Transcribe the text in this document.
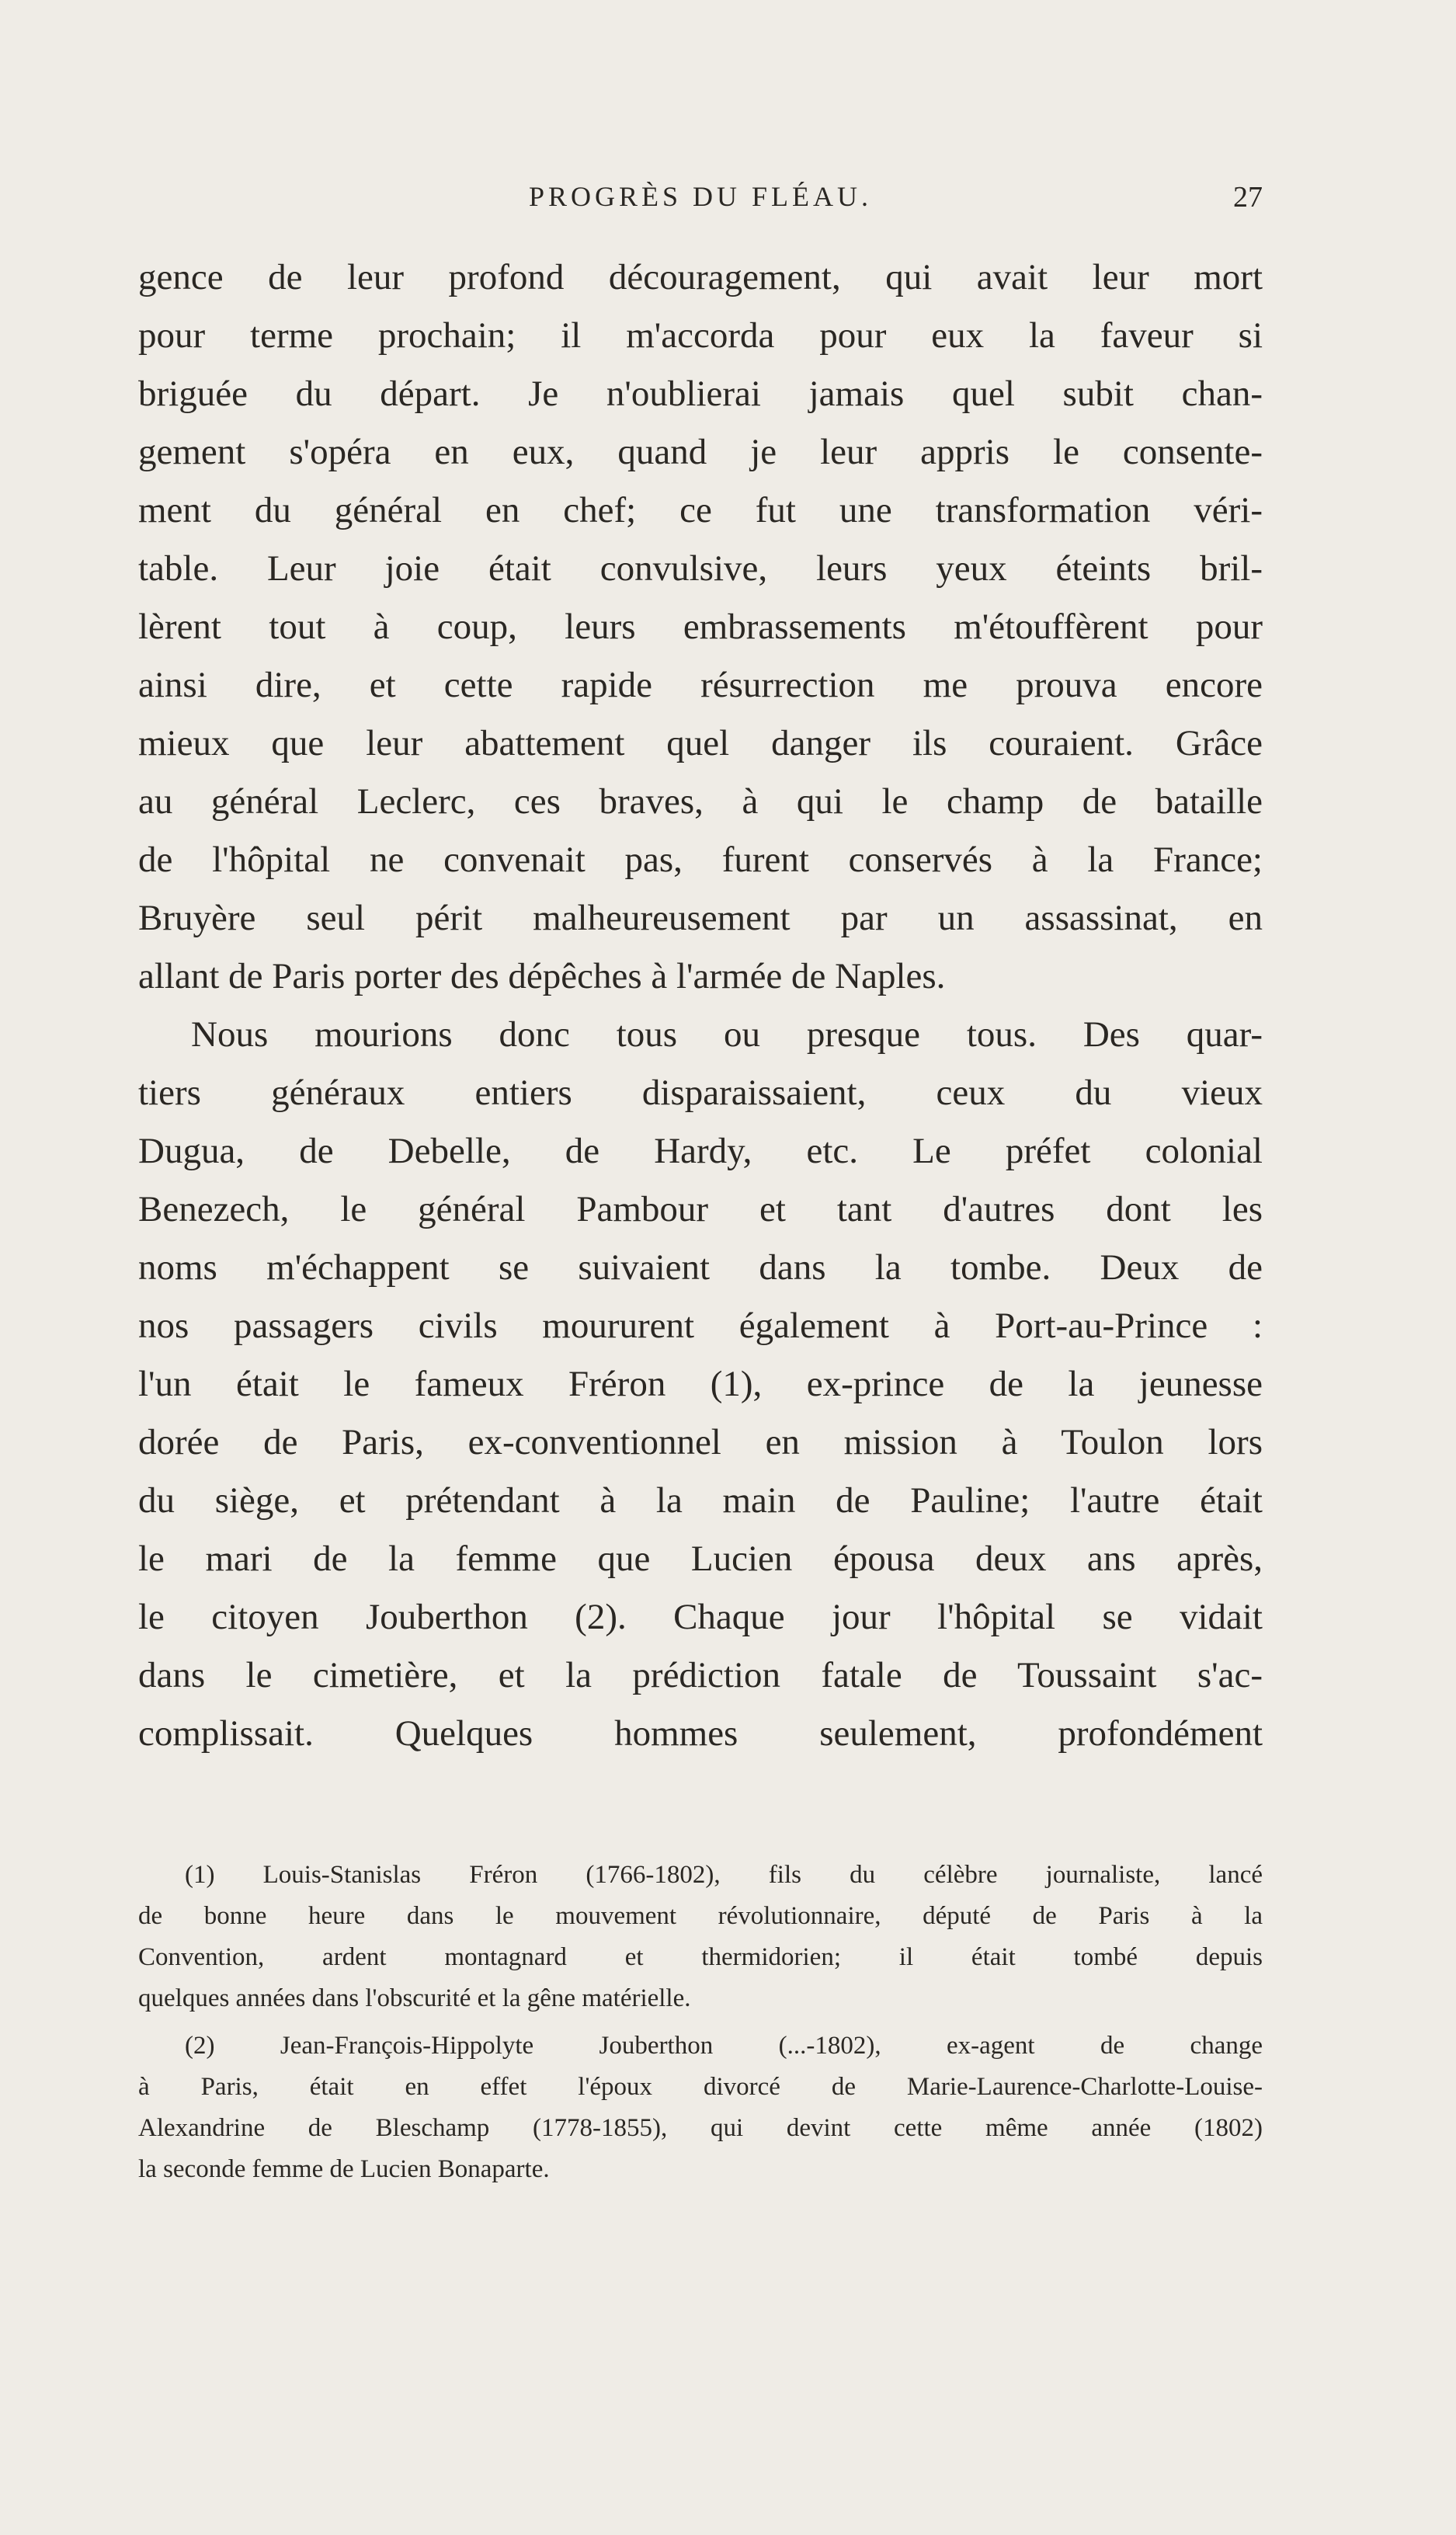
PROGRÈS DU FLÉAU.	27
gence de leur profond découragement, qui avait leur mort
pour terme prochain; il m'accorda pour eux la faveur si
briguée du départ. Je n'oublierai jamais quel subit chan-
gement s'opéra en eux, quand je leur appris le consente-
ment du général en chef; ce fut une transformation véri-
table. Leur joie était convulsive, leurs yeux éteints bril-
lèrent tout à coup, leurs embrassements m'étouffèrent pour
ainsi dire, et cette rapide résurrection me prouva encore
mieux que leur abattement quel danger ils couraient. Grâce
au général Leclerc, ces braves, à qui le champ de bataille
de l'hôpital ne convenait pas, furent conservés à la France;
Bruyère seul périt malheureusement par un assassinat, en
allant de Paris porter des dépêches à l'armée de Naples.
Nous mourions donc tous ou presque tous. Des quar-
tiers généraux entiers disparaissaient, ceux du vieux
Dugua, de Debelle, de Hardy, etc. Le préfet colonial
Benezech, le général Pambour et tant d'autres dont les
noms m'échappent se suivaient dans la tombe. Deux de
nos passagers civils moururent également à Port-au-Prince :
l'un était le fameux Fréron (1), ex-prince de la jeunesse
dorée de Paris, ex-conventionnel en mission à Toulon lors
du siège, et prétendant à la main de Pauline; l'autre était
le mari de la femme que Lucien épousa deux ans après,
le citoyen Jouberthon (2). Chaque jour l'hôpital se vidait
dans le cimetière, et la prédiction fatale de Toussaint s'ac-
complissait. Quelques hommes seulement, profondément
(1) Louis-Stanislas Fréron (1766-1802), fils du célèbre journaliste, lancé
de bonne heure dans le mouvement révolutionnaire, député de Paris à la
Convention, ardent montagnard et thermidorien; il était tombé depuis
quelques années dans l'obscurité et la gêne matérielle.
(2) Jean-François-Hippolyte Jouberthon (...-1802), ex-agent de change
à Paris, était en effet l'époux divorcé de Marie-Laurence-Charlotte-Louise-
Alexandrine de Bleschamp (1778-1855), qui devint cette même année (1802)
la seconde femme de Lucien Bonaparte.
